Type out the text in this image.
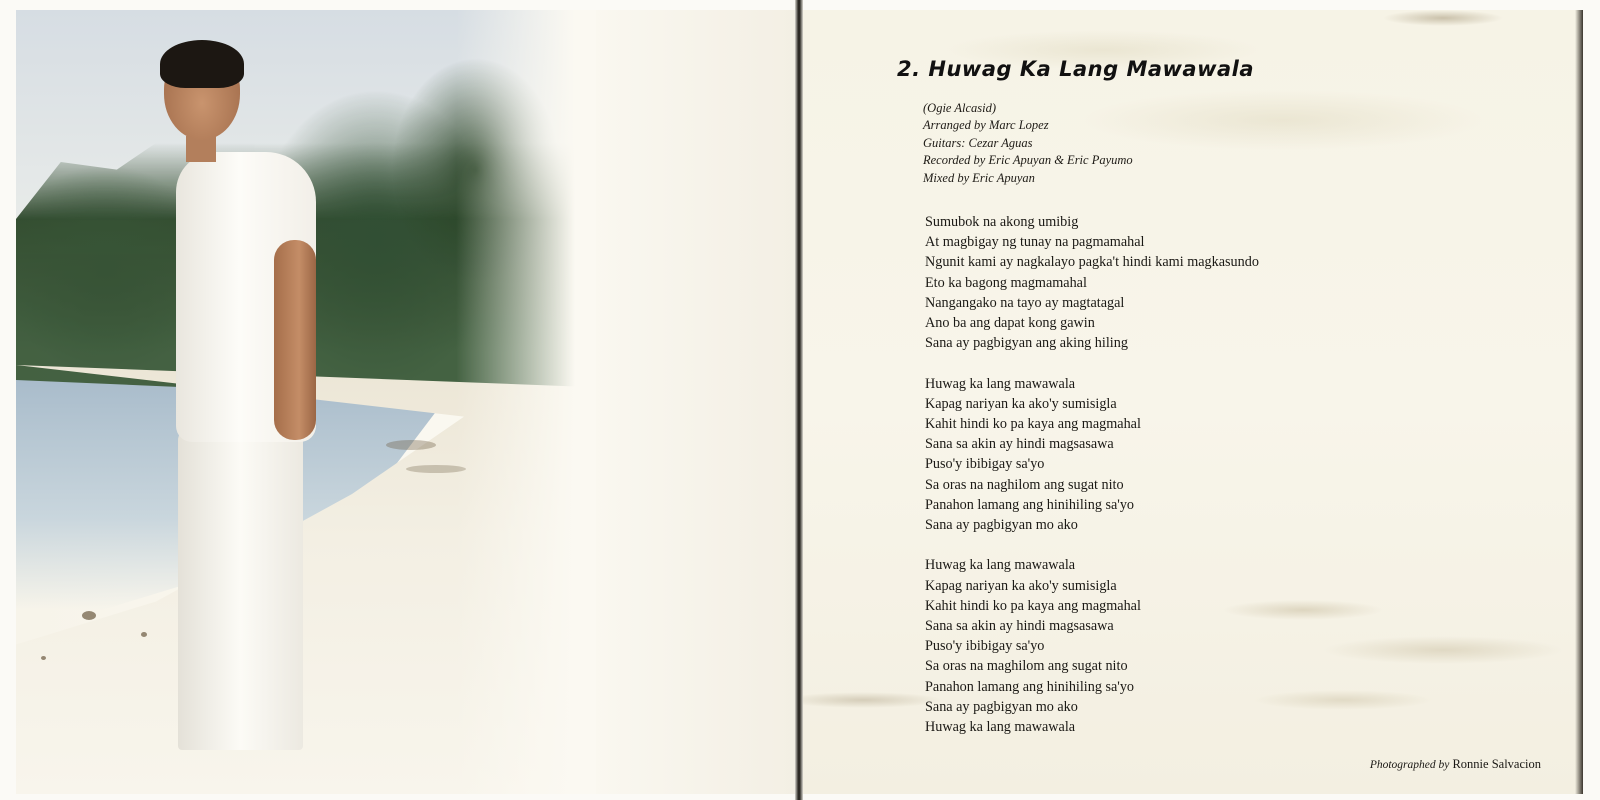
2. Huwag Ka Lang Mawawala
(Ogie Alcasid)
Arranged by Marc Lopez
Guitars: Cezar Aguas
Recorded by Eric Apuyan & Eric Payumo
Mixed by Eric Apuyan
Sumubok na akong umibig
At magbigay ng tunay na pagmamahal
Ngunit kami ay nagkalayo pagka't hindi kami magkasundo
Eto ka bagong magmamahal
Nangangako na tayo ay magtatagal
Ano ba ang dapat kong gawin
Sana ay pagbigyan ang aking hiling
Huwag ka lang mawawala
Kapag nariyan ka ako'y sumisigla
Kahit hindi ko pa kaya ang magmahal
Sana sa akin ay hindi magsasawa
Puso'y ibibigay sa'yo
Sa oras na naghilom ang sugat nito
Panahon lamang ang hinihiling sa'yo
Sana ay pagbigyan mo ako
Huwag ka lang mawawala
Kapag nariyan ka ako'y sumisigla
Kahit hindi ko pa kaya ang magmahal
Sana sa akin ay hindi magsasawa
Puso'y ibibigay sa'yo
Sa oras na maghilom ang sugat nito
Panahon lamang ang hinihiling sa'yo
Sana ay pagbigyan mo ako
Huwag ka lang mawawala
Photographed by Ronnie Salvacion
